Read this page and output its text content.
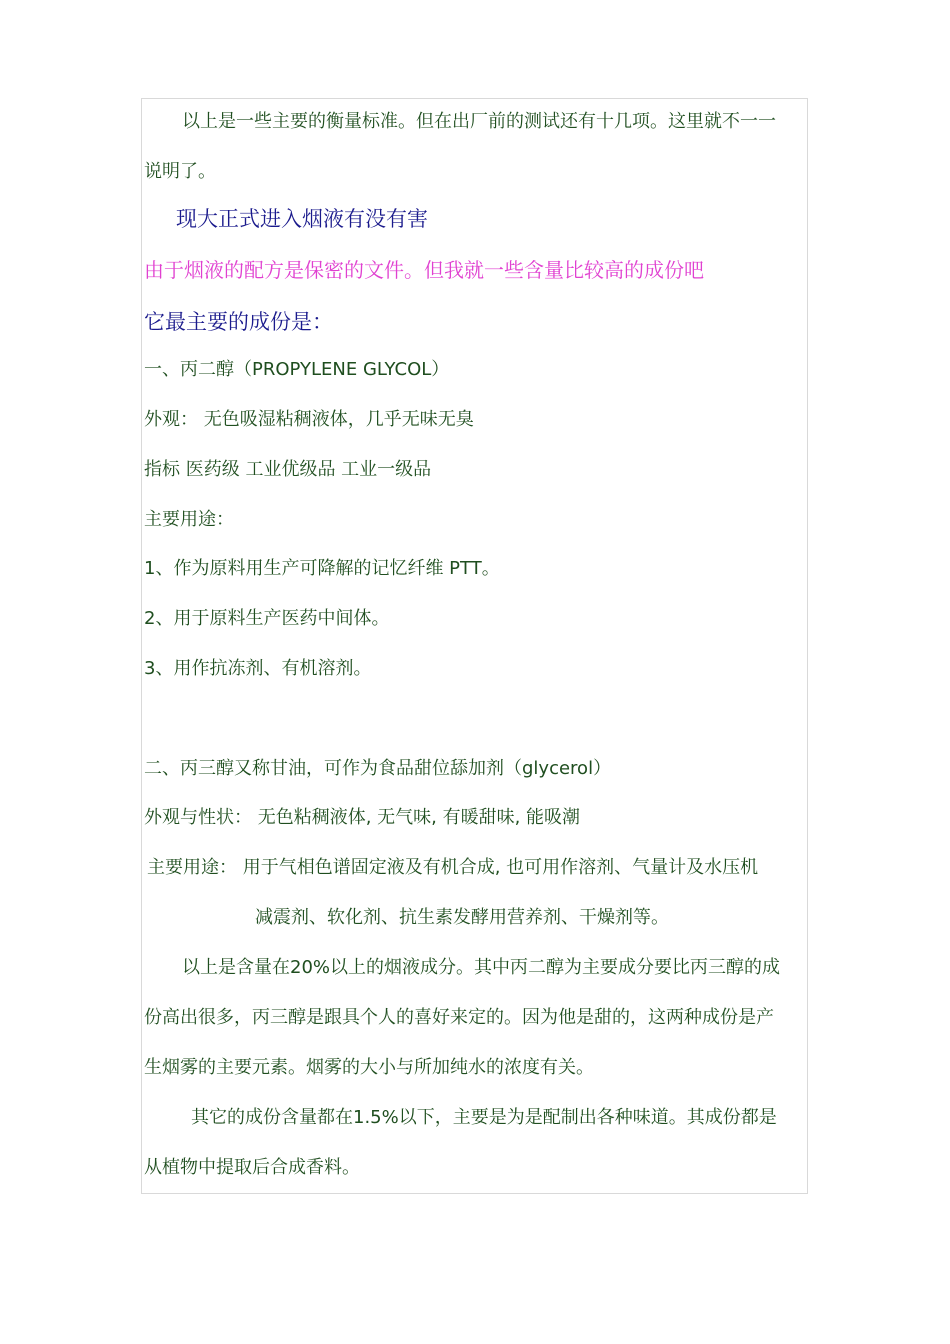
以上是一些主要的衡量标准。但在出厂前的测试还有十几项。这里就不一一
说明了。
现大正式进入烟液有没有害
由于烟液的配方是保密的文件。但我就一些含量比较高的成份吧
它最主要的成份是：
一、丙二醇（PROPYLENE GLYCOL）
外观： 无色吸湿粘稠液体，几乎无味无臭
指标 医药级 工业优级品 工业一级品
主要用途：
1、作为原料用生产可降解的记忆纤维 PTT。
2、用于原料生产医药中间体。
3、用作抗冻剂、有机溶剂。
二、丙三醇又称甘油，可作为食品甜位舔加剂（glycerol）
外观与性状： 无色粘稠液体, 无气味, 有暖甜味, 能吸潮
主要用途： 用于气相色谱固定液及有机合成, 也可用作溶剂、气量计及水压机
减震剂、软化剂、抗生素发酵用营养剂、干燥剂等。
以上是含量在20%以上的烟液成分。其中丙二醇为主要成分要比丙三醇的成
份高出很多，丙三醇是跟具个人的喜好来定的。因为他是甜的，这两种成份是产
生烟雾的主要元素。烟雾的大小与所加纯水的浓度有关。
其它的成份含量都在1.5%以下，主要是为是配制出各种味道。其成份都是
从植物中提取后合成香料。
